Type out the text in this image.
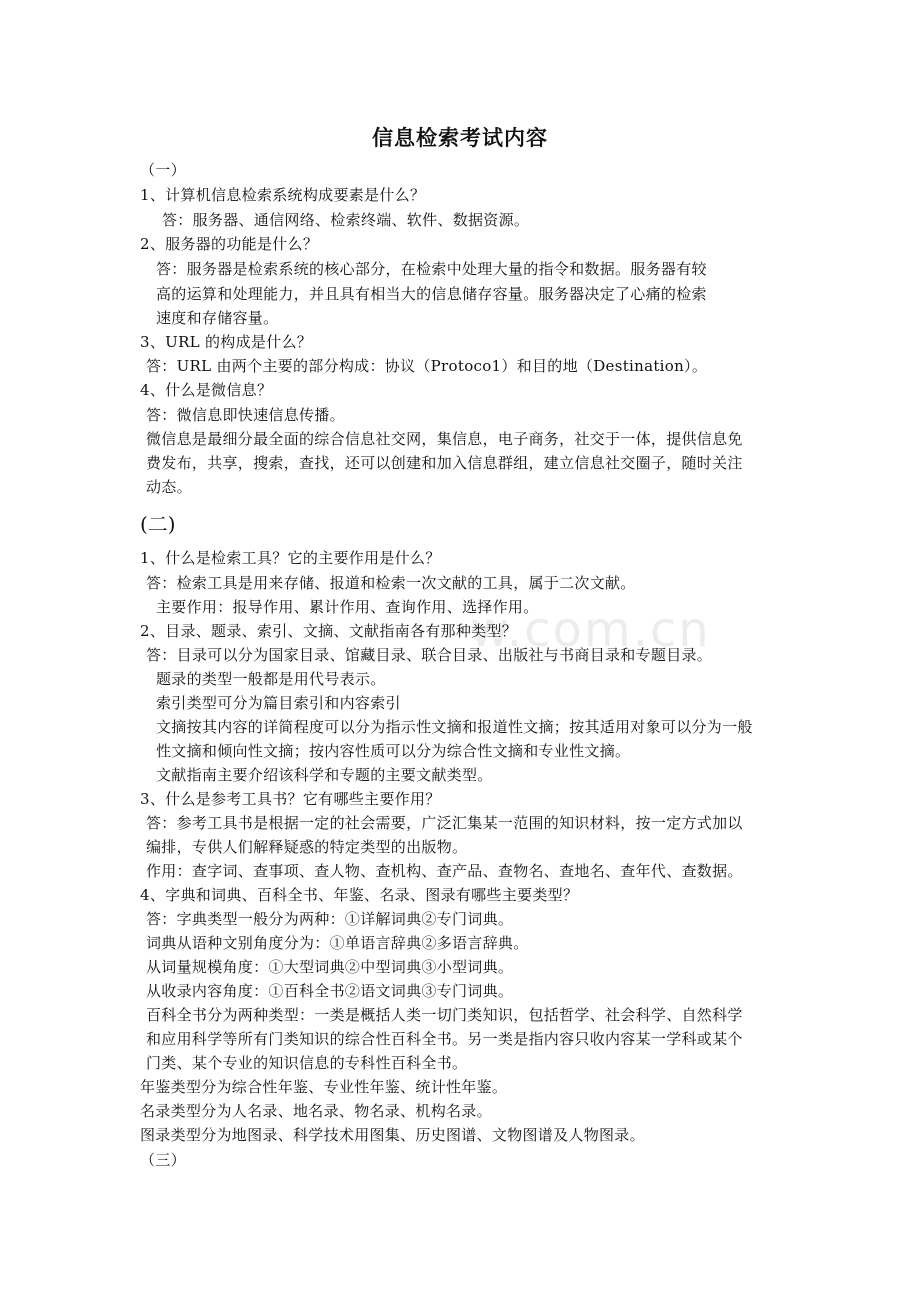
w.com.cn
信息检索考试内容
（一）
1、计算机信息检索系统构成要素是什么？
答：服务器、通信网络、检索终端、软件、数据资源。
2、服务器的功能是什么？
答：服务器是检索系统的核心部分，在检索中处理大量的指令和数据。服务器有较
高的运算和处理能力，并且具有相当大的信息储存容量。服务器决定了心痛的检索
速度和存储容量。
3、URL 的构成是什么？
答：URL 由两个主要的部分构成：协议（Protoco1）和目的地（Destination）。
4、什么是微信息？
答：微信息即快速信息传播。
微信息是最细分最全面的综合信息社交网，集信息，电子商务，社交于一体，提供信息免
费发布，共享，搜索，查找，还可以创建和加入信息群组，建立信息社交圈子，随时关注
动态。
(二)
1、什么是检索工具？它的主要作用是什么？
答：检索工具是用来存储、报道和检索一次文献的工具，属于二次文献。
主要作用：报导作用、累计作用、查询作用、选择作用。
2、目录、题录、索引、文摘、文献指南各有那种类型？
答：目录可以分为国家目录、馆藏目录、联合目录、出版社与书商目录和专题目录。
题录的类型一般都是用代号表示。
索引类型可分为篇目索引和内容索引
文摘按其内容的详简程度可以分为指示性文摘和报道性文摘；按其适用对象可以分为一般
性文摘和倾向性文摘；按内容性质可以分为综合性文摘和专业性文摘。
文献指南主要介绍该科学和专题的主要文献类型。
3、什么是参考工具书？它有哪些主要作用？
答：参考工具书是根据一定的社会需要，广泛汇集某一范围的知识材料，按一定方式加以
编排，专供人们解释疑惑的特定类型的出版物。
作用：查字词、查事项、查人物、查机构、查产品、查物名、查地名、查年代、查数据。
4、字典和词典、百科全书、年鉴、名录、图录有哪些主要类型？
答：字典类型一般分为两种：①详解词典②专门词典。
词典从语种文别角度分为：①单语言辞典②多语言辞典。
从词量规模角度：①大型词典②中型词典③小型词典。
从收录内容角度：①百科全书②语文词典③专门词典。
百科全书分为两种类型：一类是概括人类一切门类知识，包括哲学、社会科学、自然科学
和应用科学等所有门类知识的综合性百科全书。另一类是指内容只收内容某一学科或某个
门类、某个专业的知识信息的专科性百科全书。
年鉴类型分为综合性年鉴、专业性年鉴、统计性年鉴。
名录类型分为人名录、地名录、物名录、机构名录。
图录类型分为地图录、科学技术用图集、历史图谱、文物图谱及人物图录。
（三）
